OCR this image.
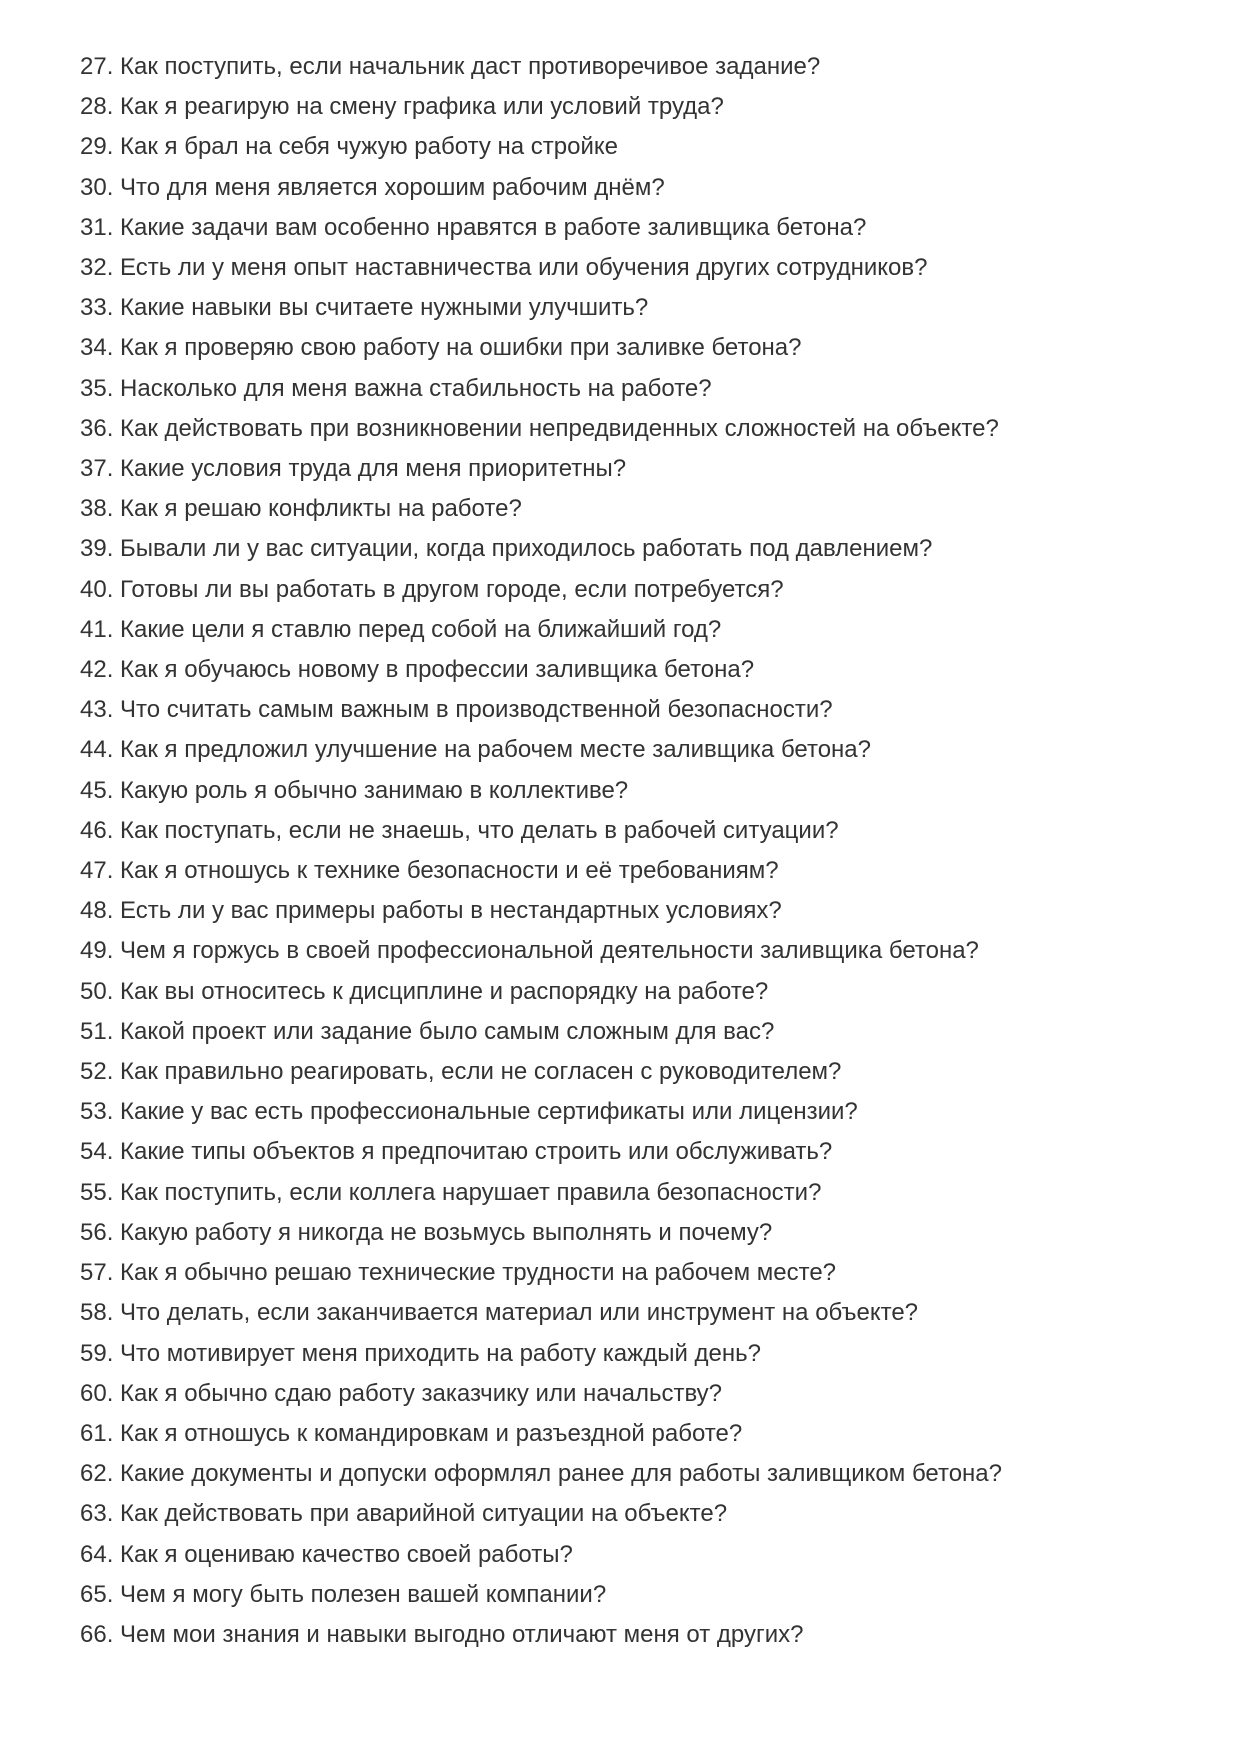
27. Как поступить, если начальник даст противоречивое задание?
28. Как я реагирую на смену графика или условий труда?
29. Как я брал на себя чужую работу на стройке
30. Что для меня является хорошим рабочим днём?
31. Какие задачи вам особенно нравятся в работе заливщика бетона?
32. Есть ли у меня опыт наставничества или обучения других сотрудников?
33. Какие навыки вы считаете нужными улучшить?
34. Как я проверяю свою работу на ошибки при заливке бетона?
35. Насколько для меня важна стабильность на работе?
36. Как действовать при возникновении непредвиденных сложностей на объекте?
37. Какие условия труда для меня приоритетны?
38. Как я решаю конфликты на работе?
39. Бывали ли у вас ситуации, когда приходилось работать под давлением?
40. Готовы ли вы работать в другом городе, если потребуется?
41. Какие цели я ставлю перед собой на ближайший год?
42. Как я обучаюсь новому в профессии заливщика бетона?
43. Что считать самым важным в производственной безопасности?
44. Как я предложил улучшение на рабочем месте заливщика бетона?
45. Какую роль я обычно занимаю в коллективе?
46. Как поступать, если не знаешь, что делать в рабочей ситуации?
47. Как я отношусь к технике безопасности и её требованиям?
48. Есть ли у вас примеры работы в нестандартных условиях?
49. Чем я горжусь в своей профессиональной деятельности заливщика бетона?
50. Как вы относитесь к дисциплине и распорядку на работе?
51. Какой проект или задание было самым сложным для вас?
52. Как правильно реагировать, если не согласен с руководителем?
53. Какие у вас есть профессиональные сертификаты или лицензии?
54. Какие типы объектов я предпочитаю строить или обслуживать?
55. Как поступить, если коллега нарушает правила безопасности?
56. Какую работу я никогда не возьмусь выполнять и почему?
57. Как я обычно решаю технические трудности на рабочем месте?
58. Что делать, если заканчивается материал или инструмент на объекте?
59. Что мотивирует меня приходить на работу каждый день?
60. Как я обычно сдаю работу заказчику или начальству?
61. Как я отношусь к командировкам и разъездной работе?
62. Какие документы и допуски оформлял ранее для работы заливщиком бетона?
63. Как действовать при аварийной ситуации на объекте?
64. Как я оцениваю качество своей работы?
65. Чем я могу быть полезен вашей компании?
66. Чем мои знания и навыки выгодно отличают меня от других?
